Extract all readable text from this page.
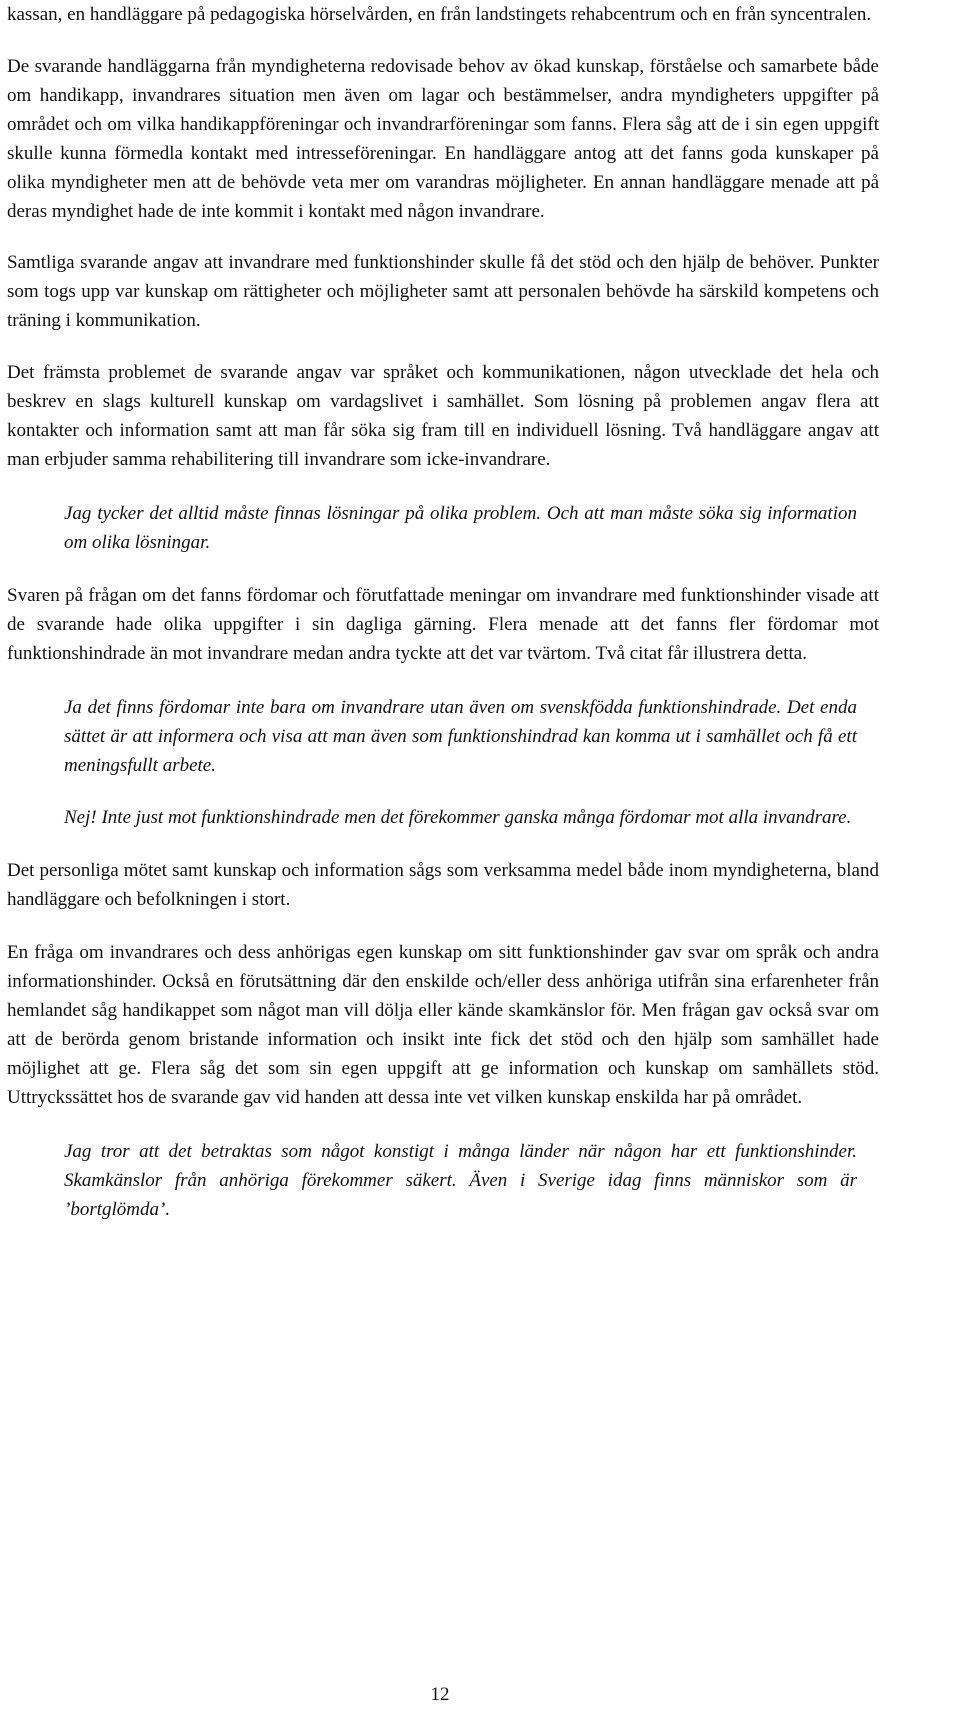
kassan, en handläggare på pedagogiska hörselvården, en från landstingets rehabcentrum och en från syncentralen.

De svarande handläggarna från myndigheterna redovisade behov av ökad kunskap, förståelse och samarbete både om handikapp, invandrares situation men även om lagar och bestämmelser, andra myndigheters uppgifter på området och om vilka handikappföreningar och invandrarföreningar som fanns. Flera såg att de i sin egen uppgift skulle kunna förmedla kontakt med intresseföreningar. En handläggare antog att det fanns goda kunskaper på olika myndigheter men att de behövde veta mer om varandras möjligheter. En annan handläggare menade att på deras myndighet hade de inte kommit i kontakt med någon invandrare.

Samtliga svarande angav att invandrare med funktionshinder skulle få det stöd och den hjälp de behöver. Punkter som togs upp var kunskap om rättigheter och möjligheter samt att personalen behövde ha särskild kompetens och träning i kommunikation.

Det främsta problemet de svarande angav var språket och kommunikationen, någon utvecklade det hela och beskrev en slags kulturell kunskap om vardagslivet i samhället. Som lösning på problemen angav flera att kontakter och information samt att man får söka sig fram till en individuell lösning. Två handläggare angav att man erbjuder samma rehabilitering till invandrare som icke-invandrare.

Jag tycker det alltid måste finnas lösningar på olika problem. Och att man måste söka sig information om olika lösningar.

Svaren på frågan om det fanns fördomar och förutfattade meningar om invandrare med funktionshinder visade att de svarande hade olika uppgifter i sin dagliga gärning. Flera menade att det fanns fler fördomar mot funktionshindrade än mot invandrare medan andra tyckte att det var tvärtom. Två citat får illustrera detta.

Ja det finns fördomar inte bara om invandrare utan även om svenskfödda funktionshindrade. Det enda sättet är att informera och visa att man även som funktionshindrad kan komma ut i samhället och få ett meningsfullt arbete.

Nej! Inte just mot funktionshindrade men det förekommer ganska många fördomar mot alla invandrare.

Det personliga mötet samt kunskap och information sågs som verksamma medel både inom myndigheterna, bland handläggare och befolkningen i stort.

En fråga om invandrares och dess anhörigas egen kunskap om sitt funktionshinder gav svar om språk och andra informationshinder. Också en förutsättning där den enskilde och/eller dess anhöriga utifrån sina erfarenheter från hemlandet såg handikappet som något man vill dölja eller kände skamkänslor för. Men frågan gav också svar om att de berörda genom bristande information och insikt inte fick det stöd och den hjälp som samhället hade möjlighet att ge. Flera såg det som sin egen uppgift att ge information och kunskap om samhällets stöd. Uttryckssättet hos de svarande gav vid handen att dessa inte vet vilken kunskap enskilda har på området.

Jag tror att det betraktas som något konstigt i många länder när någon har ett funktionshinder. Skamkänslor från anhöriga förekommer säkert. Även i Sverige idag finns människor som är ’bortglömda’.

12
